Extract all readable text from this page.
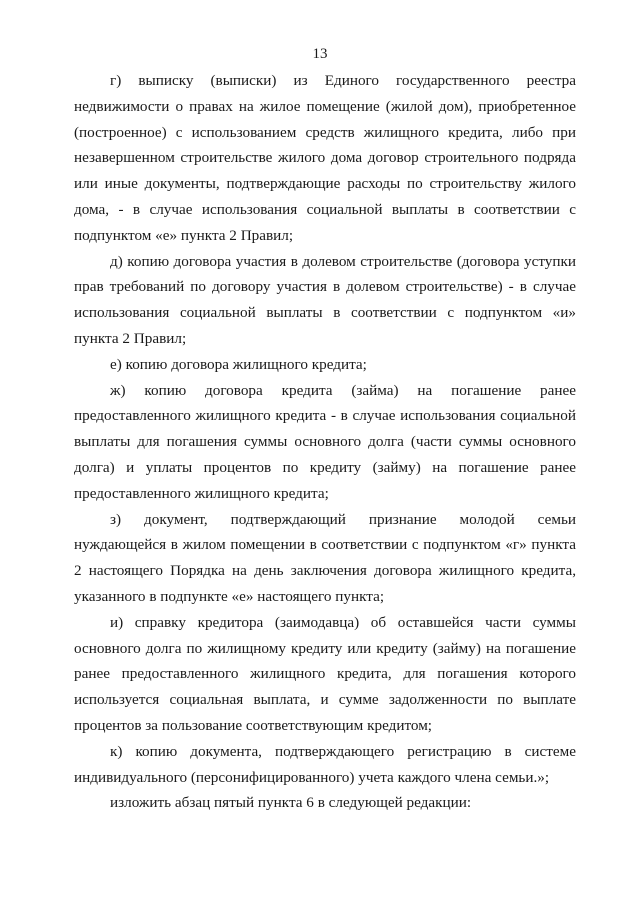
13

г) выписку (выписки) из Единого государственного реестра недвижимости о правах на жилое помещение (жилой дом), приобретенное (построенное) с использованием средств жилищного кредита, либо при незавершенном строительстве жилого дома договор строительного подряда или иные документы, подтверждающие расходы по строительству жилого дома, - в случае использования социальной выплаты в соответствии с подпунктом «е» пункта 2 Правил;

д) копию договора участия в долевом строительстве (договора уступки прав требований по договору участия в долевом строительстве) - в случае использования социальной выплаты в соответствии с подпунктом «и» пункта 2 Правил;

е) копию договора жилищного кредита;

ж) копию договора кредита (займа) на погашение ранее предоставленного жилищного кредита - в случае использования социальной выплаты для погашения суммы основного долга (части суммы основного долга) и уплаты процентов по кредиту (займу) на погашение ранее предоставленного жилищного кредита;

з) документ, подтверждающий признание молодой семьи нуждающейся в жилом помещении в соответствии с подпунктом «г» пункта 2 настоящего Порядка на день заключения договора жилищного кредита, указанного в подпункте «е» настоящего пункта;

и) справку кредитора (заимодавца) об оставшейся части суммы основного долга по жилищному кредиту или кредиту (займу) на погашение ранее предоставленного жилищного кредита, для погашения которого используется социальная выплата, и сумме задолженности по выплате процентов за пользование соответствующим кредитом;

к) копию документа, подтверждающего регистрацию в системе индивидуального (персонифицированного) учета каждого члена семьи.»;

изложить абзац пятый пункта 6 в следующей редакции:
